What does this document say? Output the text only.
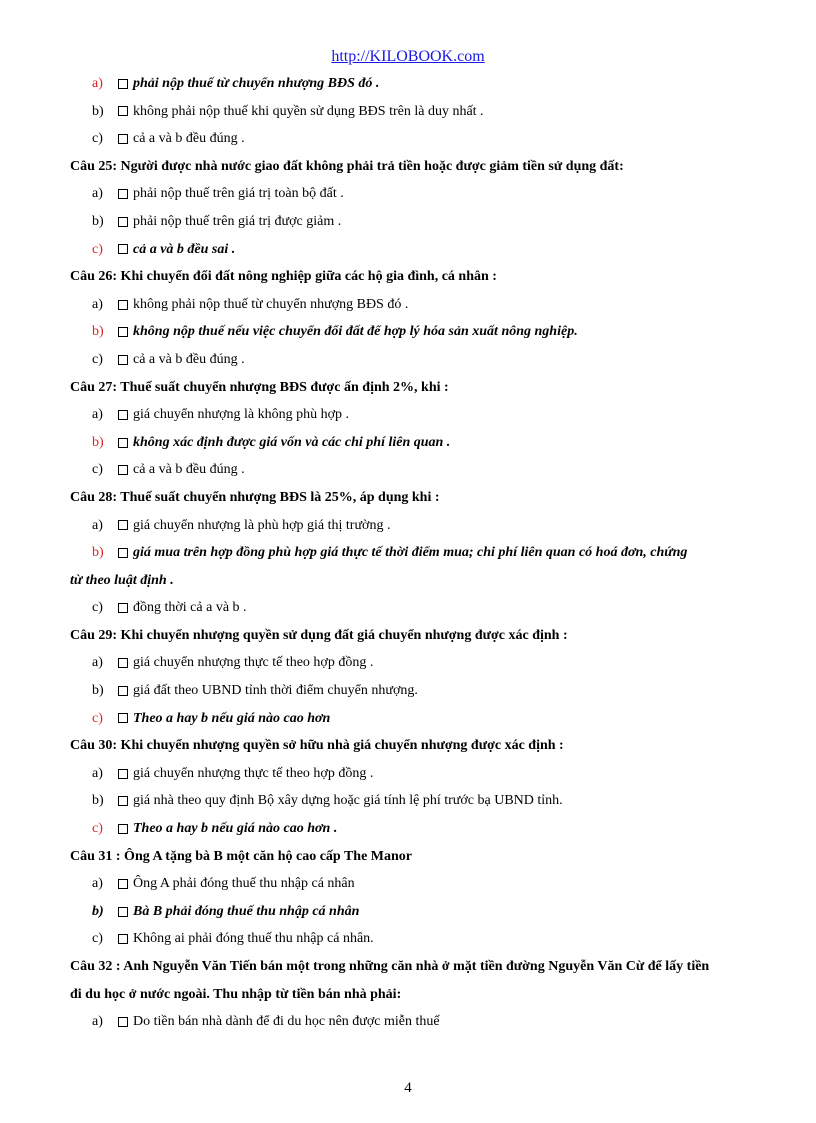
http://KILOBOOK.com
a)	phải nộp thuế từ chuyển nhượng BĐS đó .
b)	không phải nộp thuế khi quyền sử dụng BĐS trên là duy nhất .
c)	cả a và b đều đúng .
Câu 25: Người được nhà nước giao đất không phải trả tiền hoặc được giảm tiền sử dụng đất:
a)	phải nộp thuế trên giá trị toàn bộ đất .
b)	phải nộp thuế trên giá trị được giảm .
c)	cả a và b đều sai .
Câu 26: Khi chuyển đổi đất nông nghiệp giữa các hộ gia đình, cá nhân :
a)	không phải nộp thuế từ chuyển nhượng BĐS đó .
b)	không nộp thuế nếu việc chuyển đổi đất để hợp lý hóa sản xuất nông nghiệp.
c)	cả a và b đều đúng .
Câu 27: Thuế suất chuyển nhượng BĐS được ấn định 2%, khi :
a)	giá chuyển nhượng là không phù hợp .
b)	không xác định được giá vốn và các chi phí liên quan .
c)	cả a và b đều đúng .
Câu 28: Thuế suất chuyển nhượng BĐS là 25%, áp dụng khi :
a)	giá chuyển nhượng là phù hợp giá thị trường .
b)	giá mua trên hợp đồng phù hợp giá thực tế thời điểm mua; chi phí liên quan có hoá đơn, chứng
từ theo luật định .
c)	đồng thời cả a và b .
Câu 29: Khi chuyển nhượng quyền sử dụng đất giá chuyển nhượng được xác định :
a)	giá chuyển nhượng thực tế theo hợp đồng .
b)	giá đất theo UBND tỉnh thời điểm chuyển nhượng.
c)	Theo a hay b nếu giá nào cao hơn
Câu 30: Khi chuyển nhượng quyền sở hữu nhà giá chuyển nhượng được xác định :
a)	giá chuyển nhượng thực tế theo hợp đồng .
b)	giá nhà theo quy định Bộ xây dựng hoặc giá tính lệ phí trước bạ UBND tỉnh.
c)	Theo a hay b nếu giá nào cao hơn .
Câu 31 : Ông A tặng bà B một căn hộ cao cấp The Manor
a)	Ông A phải đóng thuế thu nhập cá nhân
b)	Bà B phải đóng thuế thu nhập cá nhân
c)	Không ai phải đóng thuế thu nhập cá nhân.
Câu 32 : Anh Nguyễn Văn Tiến bán một trong những căn nhà ở mặt tiền đường Nguyễn Văn Cừ để lấy tiền
đi du học ở nước ngoài. Thu nhập từ tiền bán nhà phải:
a)	Do tiền bán nhà dành để đi du học nên được miễn thuế
4
